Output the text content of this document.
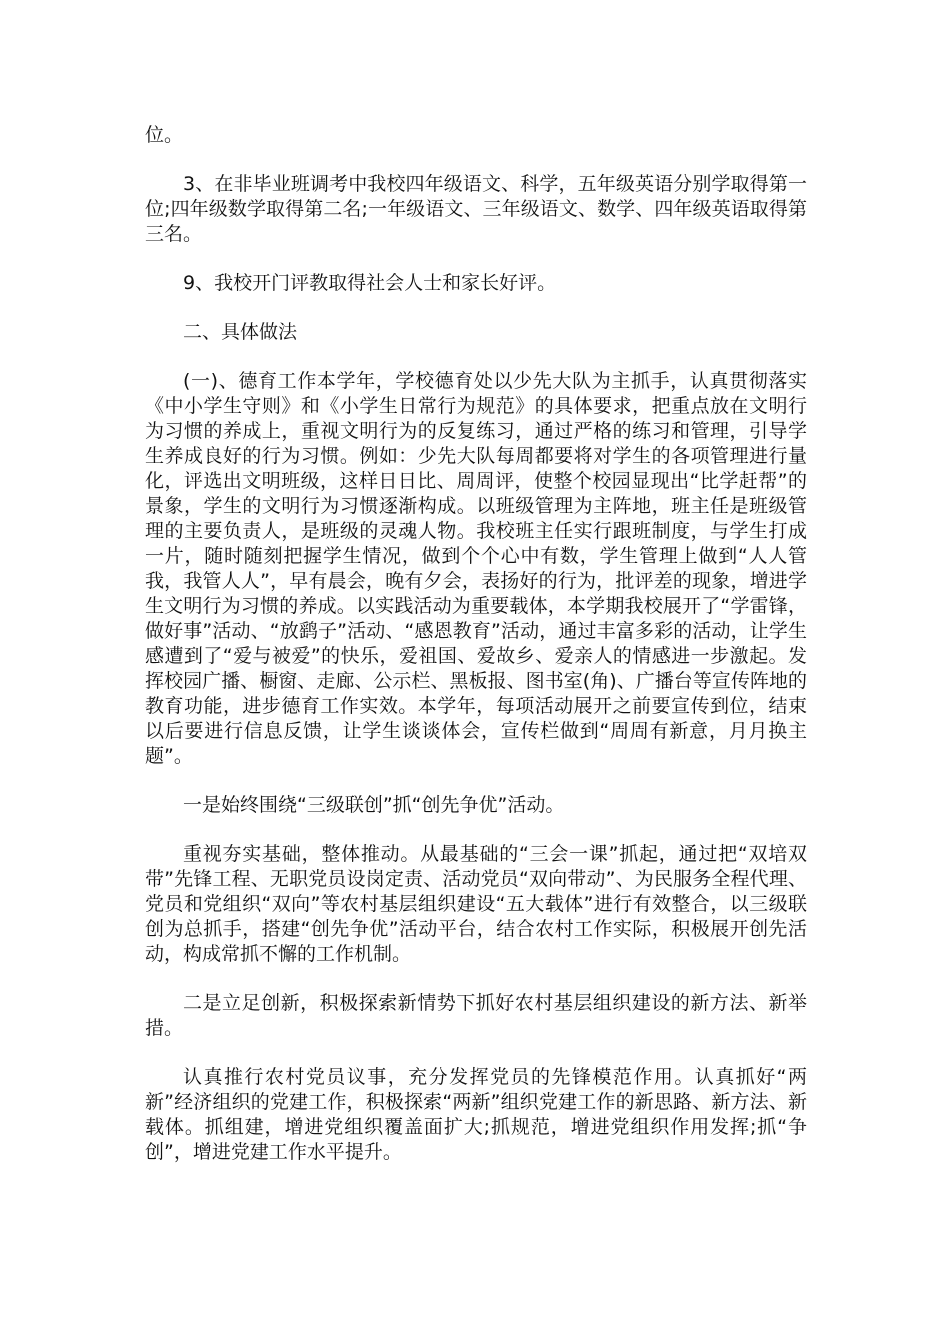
位。

3、在非毕业班调考中我校四年级语文、科学，五年级英语分别学取得第一位;四年级数学取得第二名;一年级语文、三年级语文、数学、四年级英语取得第三名。

9、我校开门评教取得社会人士和家长好评。

二、具体做法

(一)、德育工作本学年，学校德育处以少先大队为主抓手，认真贯彻落实《中小学生守则》和《小学生日常行为规范》的具体要求，把重点放在文明行为习惯的养成上，重视文明行为的反复练习，通过严格的练习和管理，引导学生养成良好的行为习惯。例如：少先大队每周都要将对学生的各项管理进行量化，评选出文明班级，这样日日比、周周评，使整个校园显现出“比学赶帮”的景象，学生的文明行为习惯逐渐构成。以班级管理为主阵地，班主任是班级管理的主要负责人，是班级的灵魂人物。我校班主任实行跟班制度，与学生打成一片，随时随刻把握学生情况，做到个个心中有数，学生管理上做到“人人管我，我管人人”，早有晨会，晚有夕会，表扬好的行为，批评差的现象，增进学生文明行为习惯的养成。以实践活动为重要载体，本学期我校展开了“学雷锋，做好事”活动、“放鹞子”活动、“感恩教育”活动，通过丰富多彩的活动，让学生感遭到了“爱与被爱”的快乐，爱祖国、爱故乡、爱亲人的情感进一步激起。发挥校园广播、橱窗、走廊、公示栏、黑板报、图书室(角)、广播台等宣传阵地的教育功能，进步德育工作实效。本学年，每项活动展开之前要宣传到位，结束以后要进行信息反馈，让学生谈谈体会，宣传栏做到“周周有新意，月月换主题”。

一是始终围绕“三级联创”抓“创先争优”活动。

重视夯实基础，整体推动。从最基础的“三会一课”抓起，通过把“双培双带”先锋工程、无职党员设岗定责、活动党员“双向带动”、为民服务全程代理、党员和党组织“双向”等农村基层组织建设“五大载体”进行有效整合，以三级联创为总抓手，搭建“创先争优”活动平台，结合农村工作实际，积极展开创先活动，构成常抓不懈的工作机制。

二是立足创新，积极探索新情势下抓好农村基层组织建设的新方法、新举措。

认真推行农村党员议事，充分发挥党员的先锋模范作用。认真抓好“两新”经济组织的党建工作，积极探索“两新”组织党建工作的新思路、新方法、新载体。抓组建，增进党组织覆盖面扩大;抓规范，增进党组织作用发挥;抓“争创”，增进党建工作水平提升。
